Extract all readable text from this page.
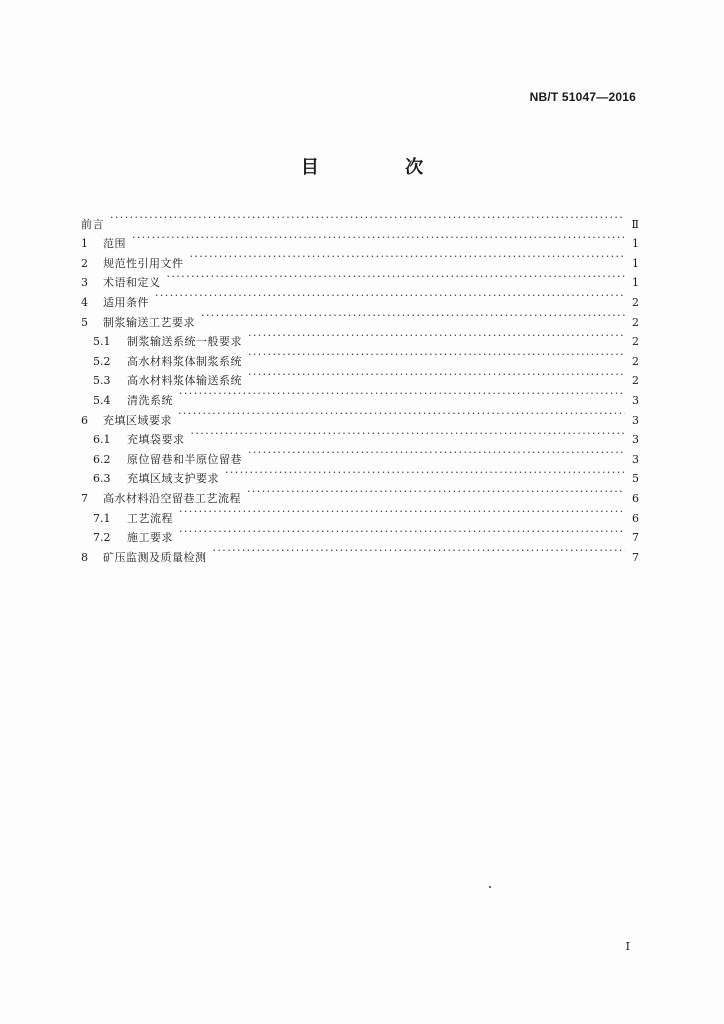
NB/T 51047—2016
目 次
前言 ·····	Ⅱ
1	范围 ·····	1
2	规范性引用文件 ·····	1
3	术语和定义 ·····	1
4	适用条件 ·····	2
5	制浆输送工艺要求 ·····	2
5.1	制浆输送系统一般要求 ·····	2
5.2	高水材料浆体制浆系统 ·····	2
5.3	高水材料浆体输送系统 ·····	2
5.4	清洗系统 ·····	3
6	充填区域要求 ·····	3
6.1	充填袋要求 ·····	3
6.2	原位留巷和半原位留巷 ·····	3
6.3	充填区域支护要求 ·····	5
7	高水材料沿空留巷工艺流程 ·····	6
7.1	工艺流程 ·····	6
7.2	施工要求 ·····	7
8	矿压监测及质量检测 ·····	7
I
